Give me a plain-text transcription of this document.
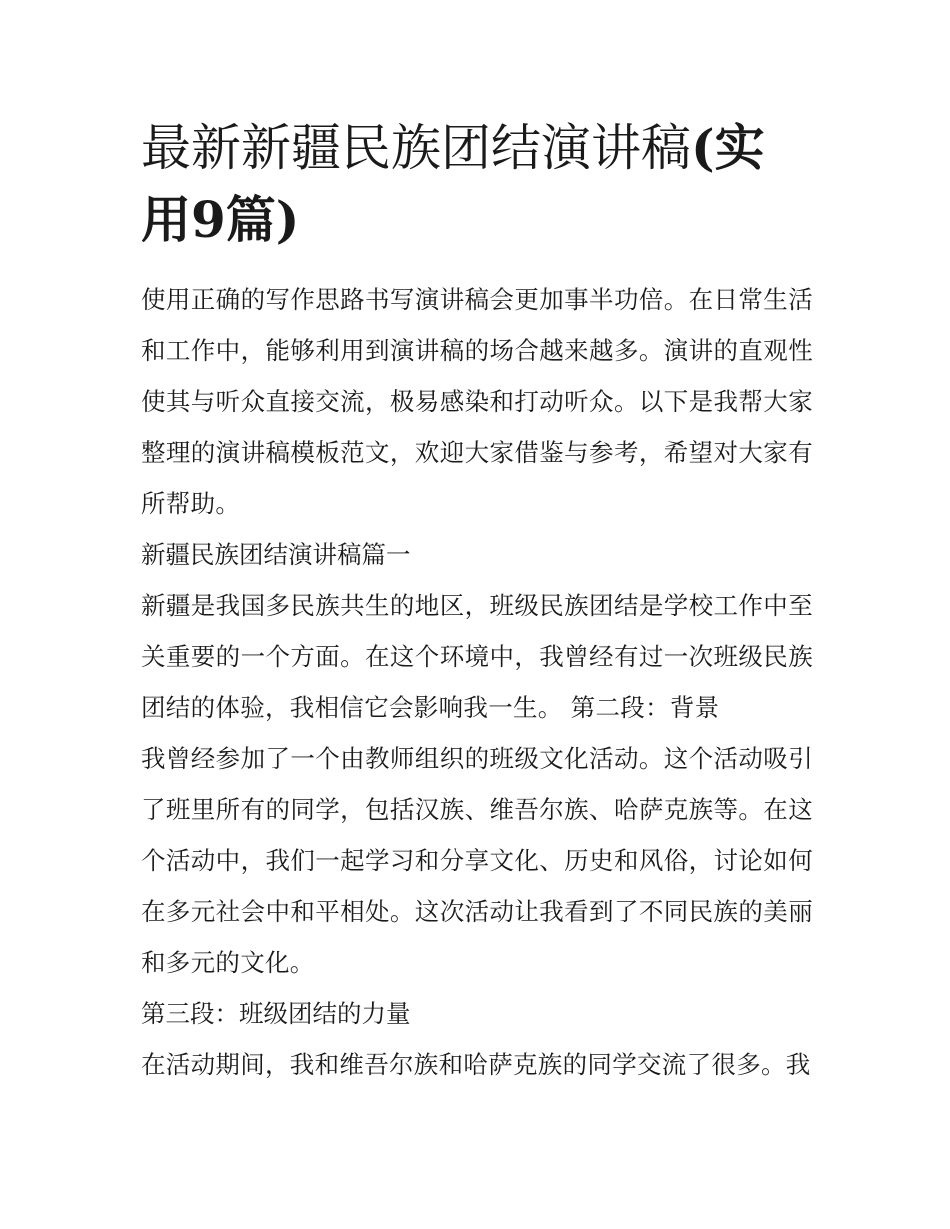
最新新疆民族团结演讲稿(实用9篇)

使用正确的写作思路书写演讲稿会更加事半功倍。在日常生活和工作中，能够利用到演讲稿的场合越来越多。演讲的直观性使其与听众直接交流，极易感染和打动听众。以下是我帮大家整理的演讲稿模板范文，欢迎大家借鉴与参考，希望对大家有所帮助。

新疆民族团结演讲稿篇一

新疆是我国多民族共生的地区，班级民族团结是学校工作中至关重要的一个方面。在这个环境中，我曾经有过一次班级民族团结的体验，我相信它会影响我一生。 第二段：背景

我曾经参加了一个由教师组织的班级文化活动。这个活动吸引了班里所有的同学，包括汉族、维吾尔族、哈萨克族等。在这个活动中，我们一起学习和分享文化、历史和风俗，讨论如何在多元社会中和平相处。这次活动让我看到了不同民族的美丽和多元的文化。

第三段：班级团结的力量

在活动期间，我和维吾尔族和哈萨克族的同学交流了很多。我
